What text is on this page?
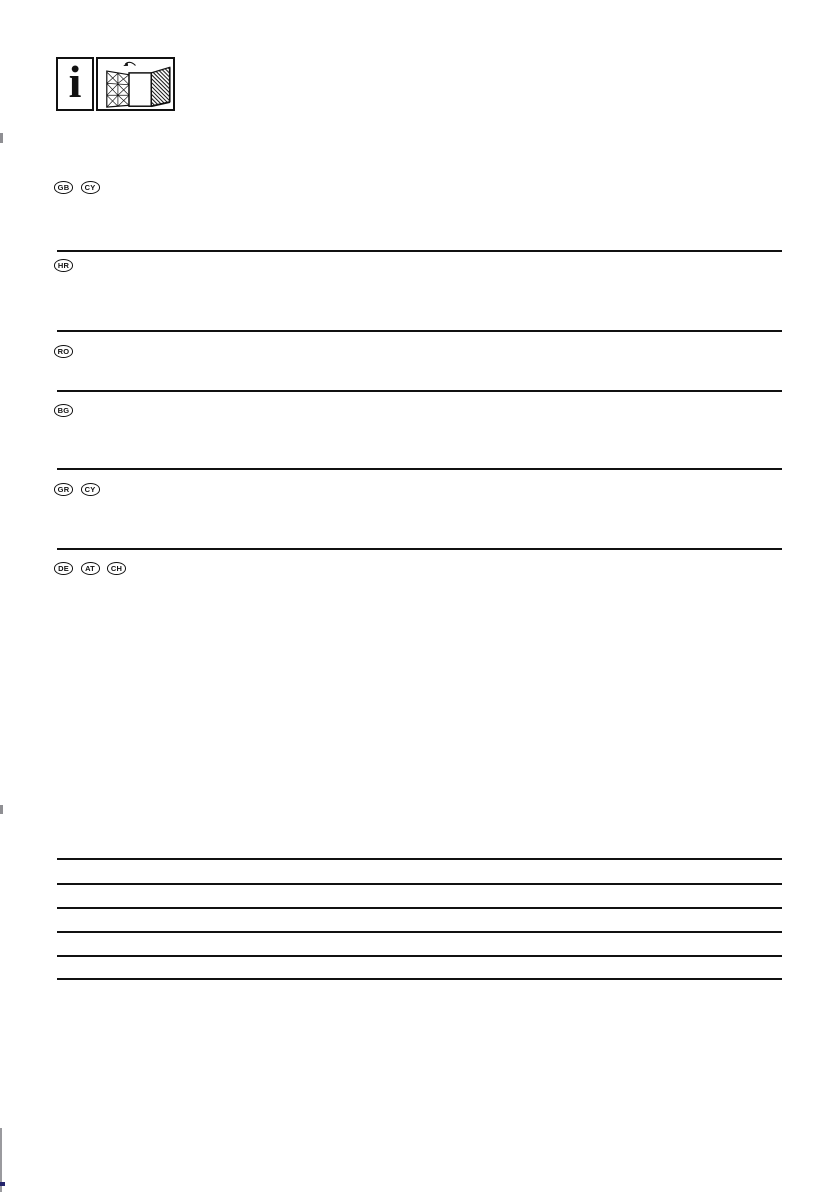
i
GB	CY
HR
RO
BG
GR	CY
DE	AT	CH
